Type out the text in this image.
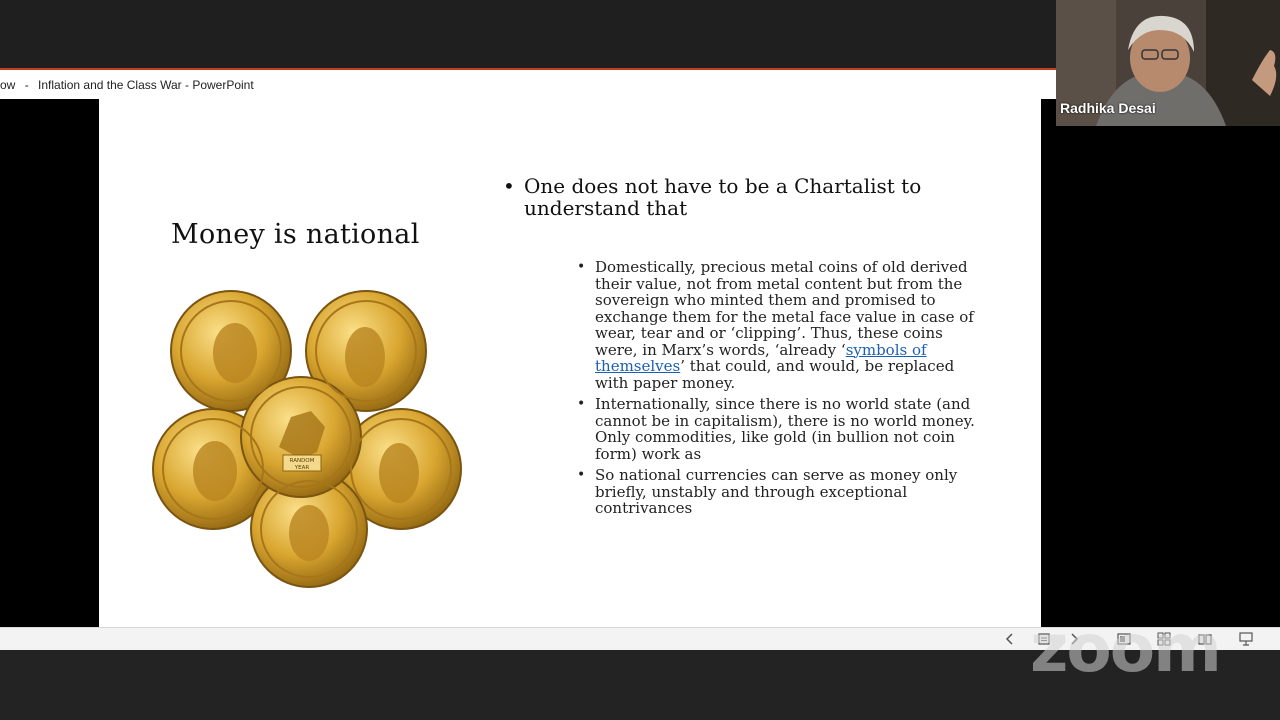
ow - Inflation and the Class War - PowerPoint
Money is national
RANDOM
YEAR
• One does not have to be a Chartalist to understand that
• Domestically, precious metal coins of old derived their value, not from metal content but from the sovereign who minted them and promised to exchange them for the metal face value in case of wear, tear and or ‘clipping’. Thus, these coins were, in Marx’s words, ‘already ‘symbols of themselves’ that could, and would, be replaced with paper money.
• Internationally, since there is no world state (and cannot be in capitalism), there is no world money. Only commodities, like gold (in bullion not coin form) work as
• So national currencies can serve as money only briefly, unstably and through exceptional contrivances
zoom
Radhika Desai
